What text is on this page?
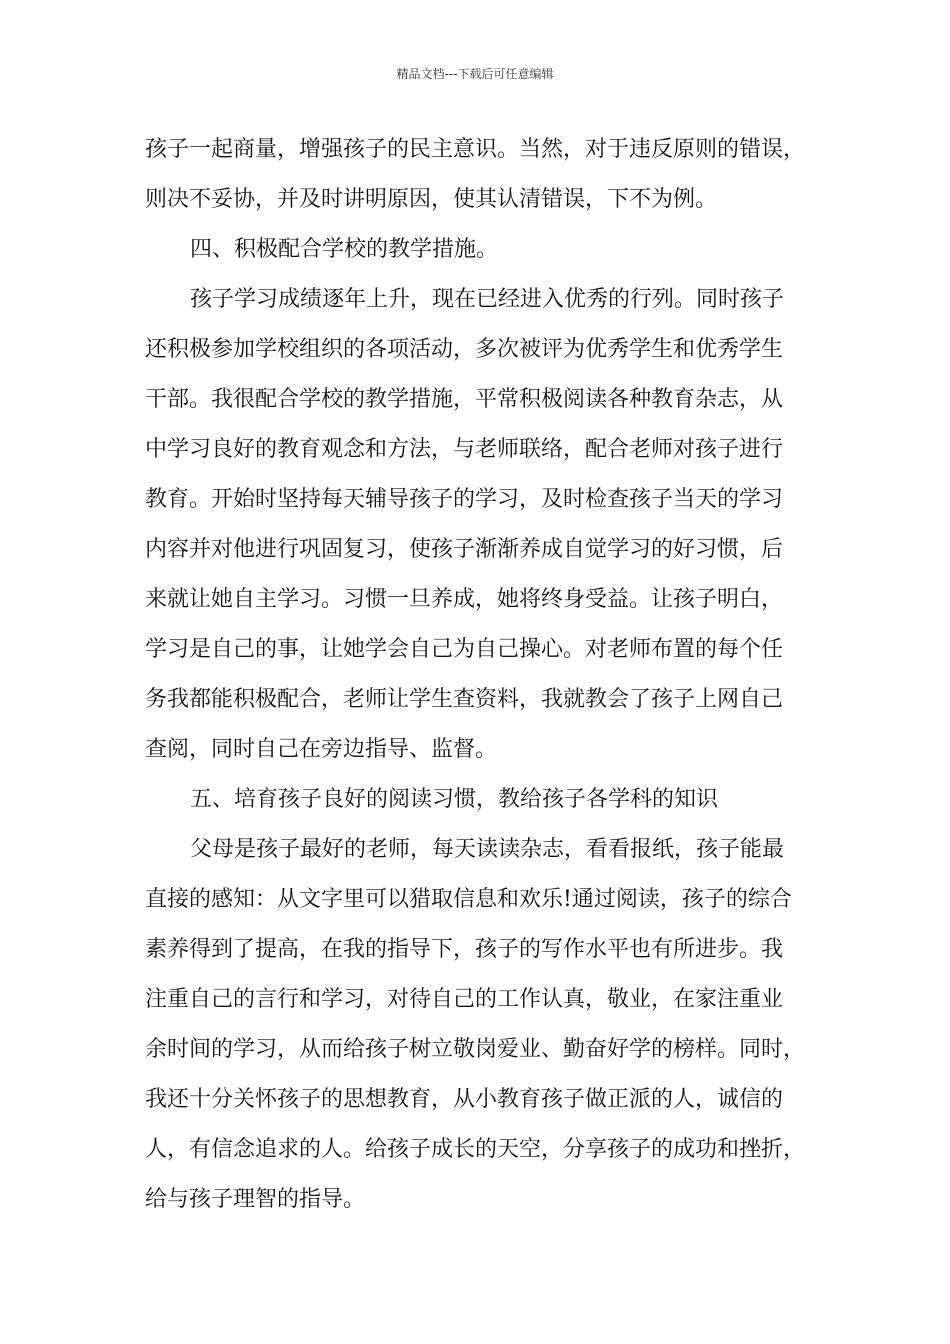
精品文档---下载后可任意编辑
孩子一起商量，增强孩子的民主意识。当然，对于违反原则的错误，
则决不妥协，并及时讲明原因，使其认清错误，下不为例。
四、积极配合学校的教学措施。
孩子学习成绩逐年上升，现在已经进入优秀的行列。同时孩子
还积极参加学校组织的各项活动，多次被评为优秀学生和优秀学生
干部。我很配合学校的教学措施，平常积极阅读各种教育杂志，从
中学习良好的教育观念和方法，与老师联络，配合老师对孩子进行
教育。开始时坚持每天辅导孩子的学习，及时检查孩子当天的学习
内容并对他进行巩固复习，使孩子渐渐养成自觉学习的好习惯，后
来就让她自主学习。习惯一旦养成，她将终身受益。让孩子明白，
学习是自己的事，让她学会自己为自己操心。对老师布置的每个任
务我都能积极配合，老师让学生查资料，我就教会了孩子上网自己
查阅，同时自己在旁边指导、监督。
五、培育孩子良好的阅读习惯，教给孩子各学科的知识
父母是孩子最好的老师，每天读读杂志，看看报纸，孩子能最
直接的感知：从文字里可以猎取信息和欢乐!通过阅读，孩子的综合
素养得到了提高，在我的指导下，孩子的写作水平也有所进步。我
注重自己的言行和学习，对待自己的工作认真，敬业，在家注重业
余时间的学习，从而给孩子树立敬岗爱业、勤奋好学的榜样。同时，
我还十分关怀孩子的思想教育，从小教育孩子做正派的人，诚信的
人，有信念追求的人。给孩子成长的天空，分享孩子的成功和挫折，
给与孩子理智的指导。
